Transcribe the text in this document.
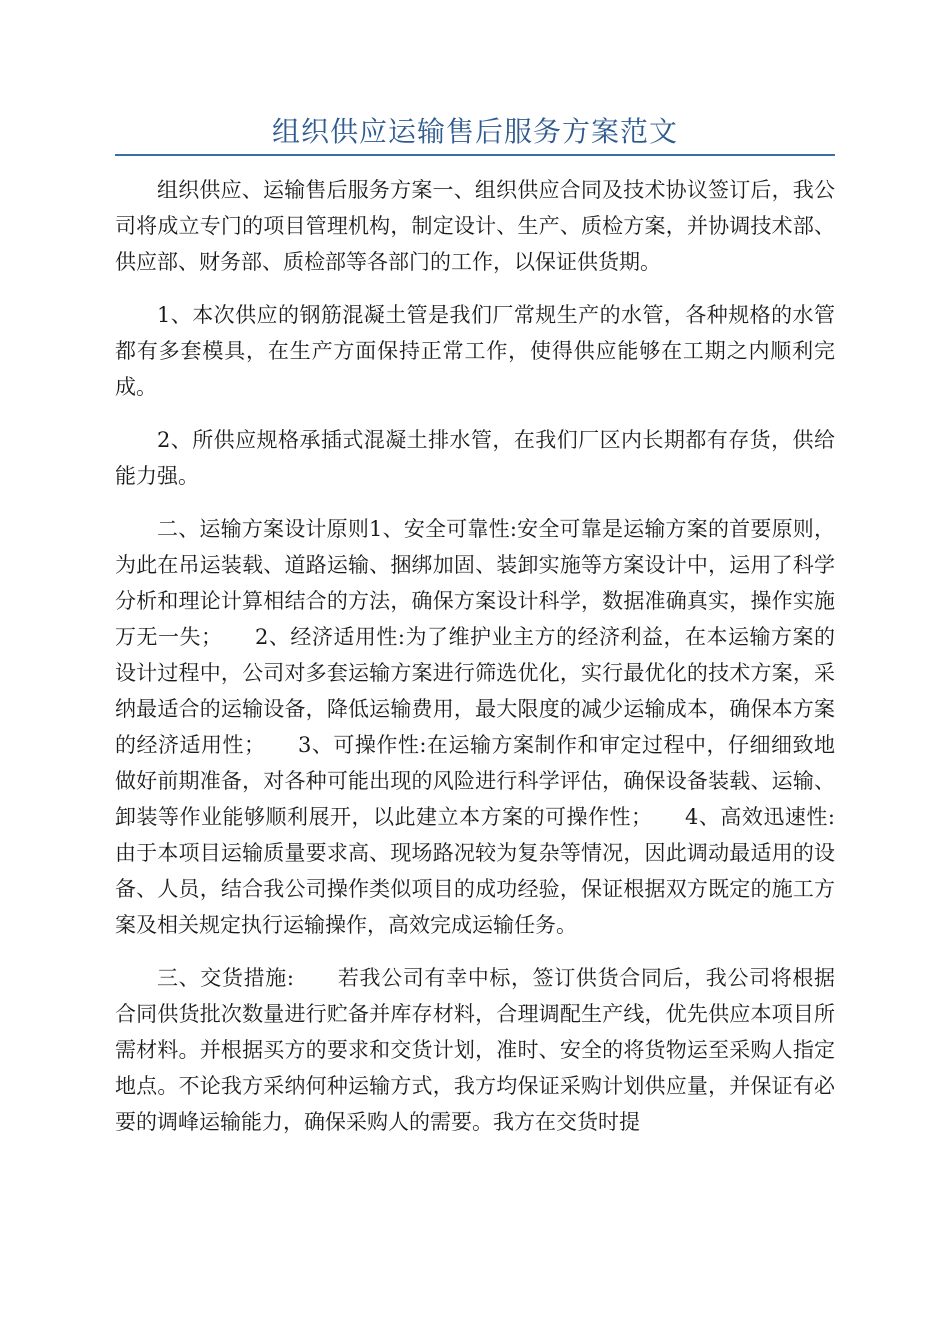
组织供应运输售后服务方案范文

组织供应、运输售后服务方案一、组织供应合同及技术协议签订后，我公司将成立专门的项目管理机构，制定设计、生产、质检方案，并协调技术部、供应部、财务部、质检部等各部门的工作，以保证供货期。

1、本次供应的钢筋混凝土管是我们厂常规生产的水管，各种规格的水管都有多套模具，在生产方面保持正常工作，使得供应能够在工期之内顺利完成。

2、所供应规格承插式混凝土排水管，在我们厂区内长期都有存货，供给能力强。

二、运输方案设计原则1、安全可靠性:安全可靠是运输方案的首要原则，为此在吊运装载、道路运输、捆绑加固、装卸实施等方案设计中，运用了科学分析和理论计算相结合的方法，确保方案设计科学，数据准确真实，操作实施万无一失；　　2、经济适用性:为了维护业主方的经济利益，在本运输方案的设计过程中，公司对多套运输方案进行筛选优化，实行最优化的技术方案，采纳最适合的运输设备，降低运输费用，最大限度的减少运输成本，确保本方案的经济适用性；　　3、可操作性:在运输方案制作和审定过程中，仔细细致地做好前期准备，对各种可能出现的风险进行科学评估，确保设备装载、运输、卸装等作业能够顺利展开，以此建立本方案的可操作性；　　4、高效迅速性:由于本项目运输质量要求高、现场路况较为复杂等情况，因此调动最适用的设备、人员，结合我公司操作类似项目的成功经验，保证根据双方既定的施工方案及相关规定执行运输操作，高效完成运输任务。

三、交货措施:　　若我公司有幸中标，签订供货合同后，我公司将根据合同供货批次数量进行贮备并库存材料，合理调配生产线，优先供应本项目所需材料。并根据买方的要求和交货计划，准时、安全的将货物运至采购人指定地点。不论我方采纳何种运输方式，我方均保证采购计划供应量，并保证有必要的调峰运输能力，确保采购人的需要。我方在交货时提
